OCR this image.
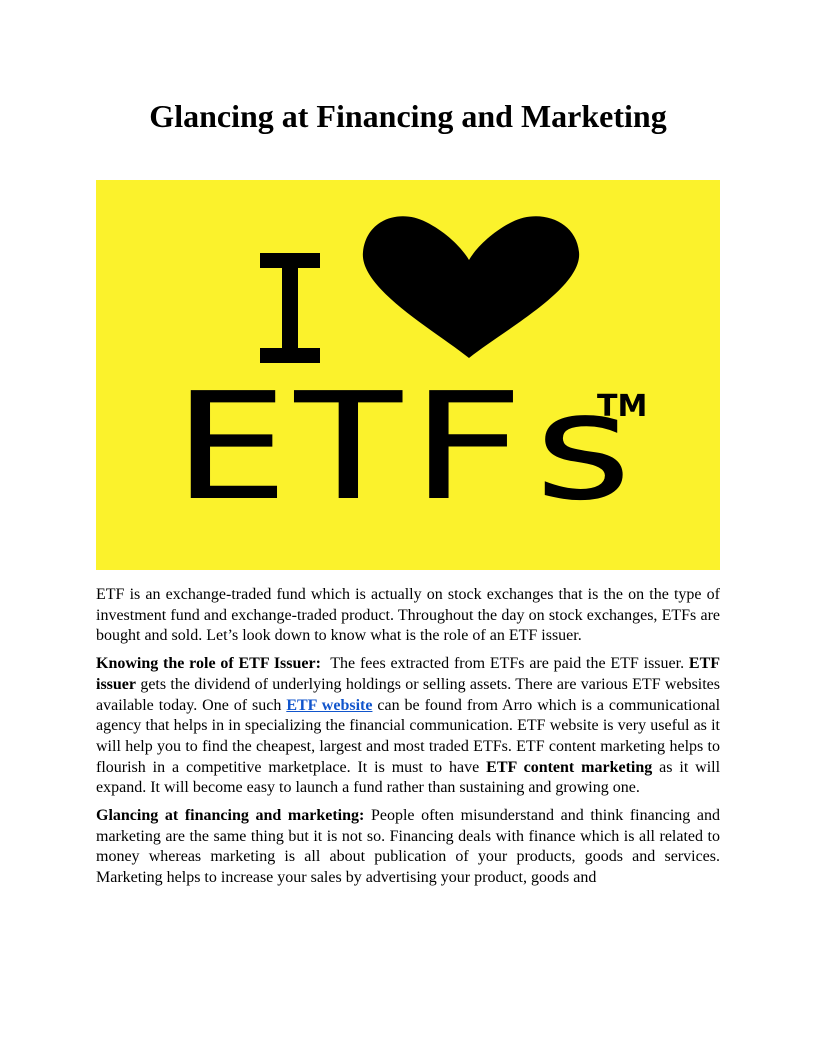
Glancing at Financing and Marketing
ETFs
TM

ETF is an exchange-traded fund which is actually on stock exchanges that is the on the type of investment fund and exchange-traded product. Throughout the day on stock exchanges, ETFs are bought and sold. Let’s look down to know what is the role of an ETF issuer.

Knowing the role of ETF Issuer: The fees extracted from ETFs are paid the ETF issuer. ETF issuer gets the dividend of underlying holdings or selling assets. There are various ETF websites available today. One of such ETF website can be found from Arro which is a communicational agency that helps in in specializing the financial communication. ETF website is very useful as it will help you to find the cheapest, largest and most traded ETFs. ETF content marketing helps to flourish in a competitive marketplace. It is must to have ETF content marketing as it will expand. It will become easy to launch a fund rather than sustaining and growing one.

Glancing at financing and marketing: People often misunderstand and think financing and marketing are the same thing but it is not so. Financing deals with finance which is all related to money whereas marketing is all about publication of your products, goods and services. Marketing helps to increase your sales by advertising your product, goods and
